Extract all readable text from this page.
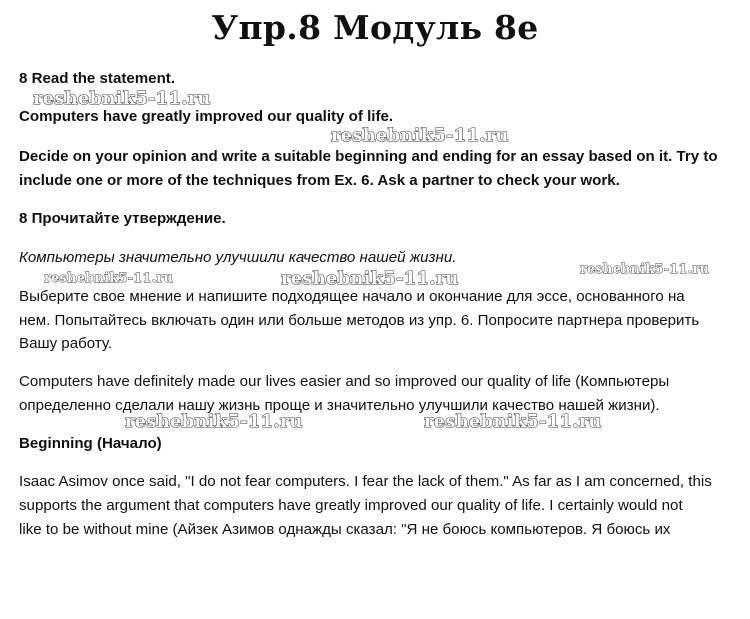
Упр.8 Модуль 8e

8 Read the statement.

Computers have greatly improved our quality of life.

Decide on your opinion and write a suitable beginning and ending for an essay based on it. Try to

include one or more of the techniques from Ex. 6. Ask a partner to check your work.

8 Прочитайте утверждение.

Компьютеры значительно улучшили качество нашей жизни.

Выберите свое мнение и напишите подходящее начало и окончание для эссе, основанного на

нем. Попытайтесь включать один или больше методов из упр. 6. Попросите партнера проверить

Вашу работу.

Computers have definitely made our lives easier and so improved our quality of life (Компьютеры

определенно сделали нашу жизнь проще и значительно улучшили качество нашей жизни).

Beginning (Начало)

Isaac Asimov once said, "I do not fear computers. I fear the lack of them." As far as I am concerned, this

supports the argument that computers have greatly improved our quality of life. I certainly would not

like to be without mine (Айзек Азимов однажды сказал: "Я не боюсь компьютеров. Я боюсь их

reshebnik5-11.ru
reshebnik5-11.ru
reshebnik5-11.ru	reshebnik5-11.ru	reshebnik5-11.ru
reshebnik5-11.ru	reshebnik5-11.ru
